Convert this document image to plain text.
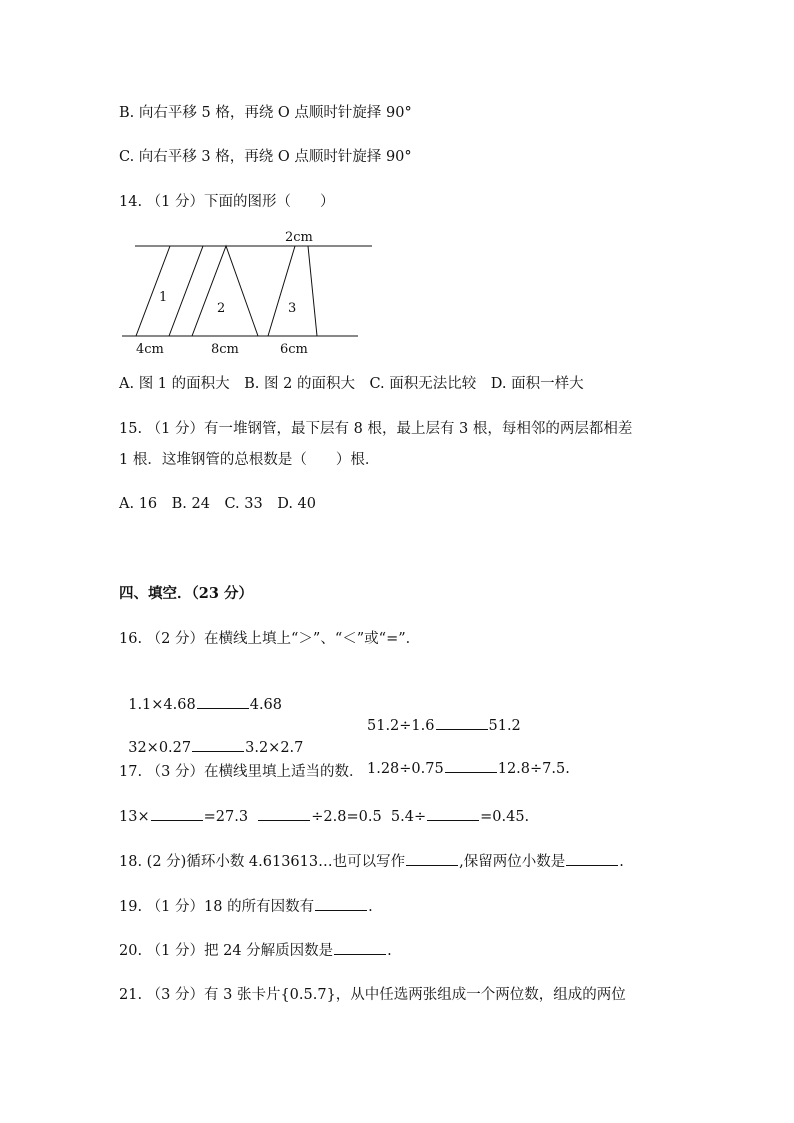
B. 向右平移 5 格，再绕 O 点顺时针旋择 90°
C. 向右平移 3 格，再绕 O 点顺时针旋择 90°
14. （1 分）下面的图形（　　）
2cm
1
2	3
4cm	8cm	6cm
A. 图 1 的面积大　B. 图 2 的面积大　C. 面积无法比较　D. 面积一样大
15. （1 分）有一堆钢管，最下层有 8 根，最上层有 3 根，每相邻的两层都相差
1 根．这堆钢管的总根数是（　　）根．
A. 16　B. 24　C. 33　D. 40
四、填空．（23 分）
16. （2 分）在横线上填上“＞”、“＜”或“=”．

1.1×4.68	4.68

51.2÷1.6	51.2

32×0.27	3.2×2.7

1.28÷0.75	12.8÷7.5.

17. （3 分）在横线里填上适当的数．
13×	=27.3	÷2.8=0.5 5.4÷	=0.45.
18. (2 分)循环小数 4.613613…也可以写作	,保留两位小数是	.
19. （1 分）18 的所有因数有	.
20. （1 分）把 24 分解质因数是	.
21. （3 分）有 3 张卡片{0.5.7}，从中任选两张组成一个两位数，组成的两位
